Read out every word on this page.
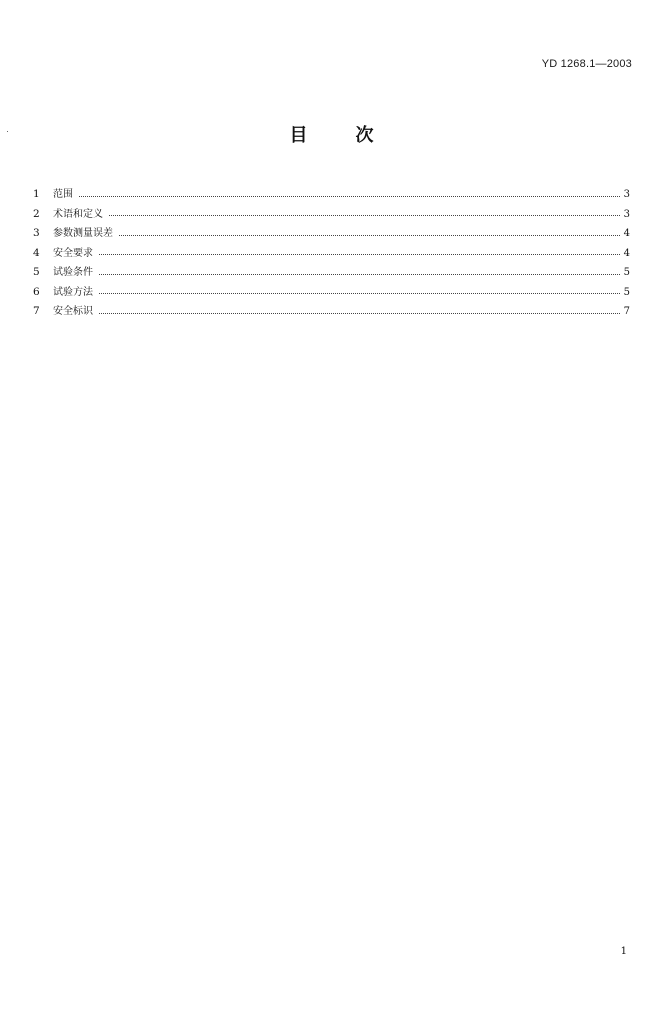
YD 1268.1—2003
目	次
1	范围	3
2	术语和定义	3
3	参数测量误差	4
4	安全要求	4
5	试验条件	5
6	试验方法	5
7	安全标识	7
1
